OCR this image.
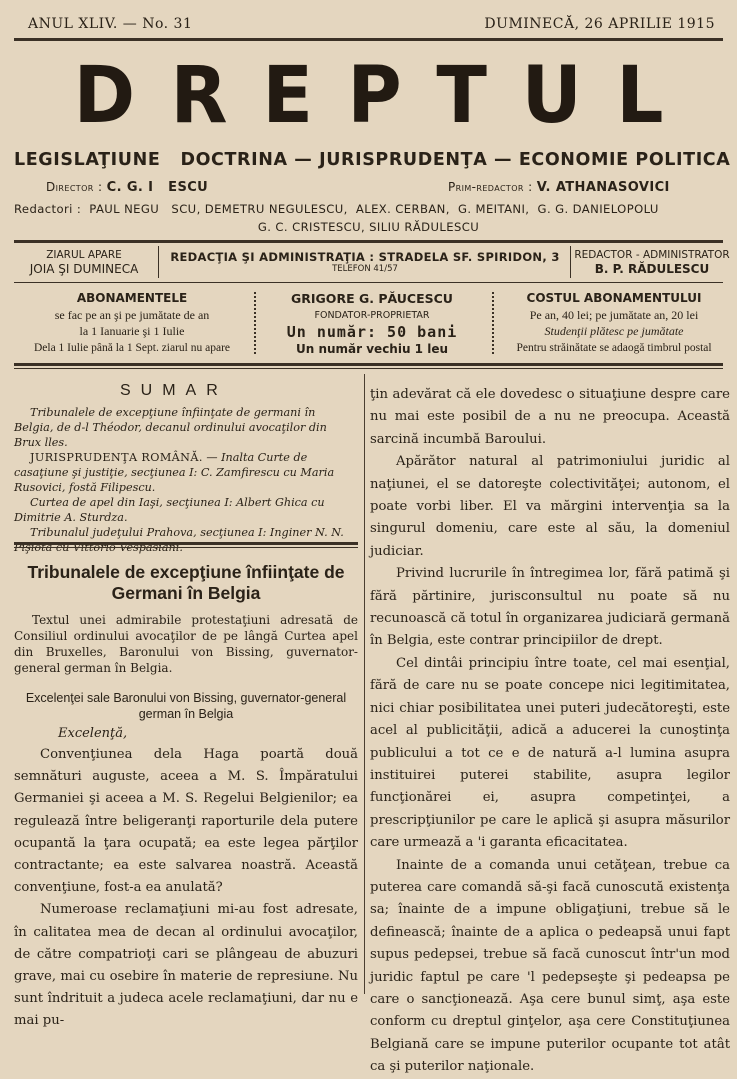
ANUL XLIV. — No. 31	DUMINECĂ, 26 APRILIE 1915
D R E P T U L
LEGISLAŢIUNE   DOCTRINA — JURISPRUDENŢA — ECONOMIE POLITICA
Director : C. G. I   ESCU	Prim-redactor : V. ATHANASOVICI
Redactori :  PAUL NEGU   SCU, DEMETRU NEGULESCU,  ALEX. CERBAN,  G. MEITANI,  G. G. DANIELOPOLU
G. C. CRISTESCU, SILIU RĂDULESCU
ZIARUL APARE
JOIA ŞI DUMINECA
REDACŢIA ŞI ADMINISTRAŢIA : STRADELA SF. SPIRIDON, 3
TELEFON 41/57
REDACTOR - ADMINISTRATOR
B. P. RĂDULESCU
ABONAMENTELE
se fac pe an şi pe jumătate de an
la 1 Ianuarie şi 1 Iulie
Dela 1 Iulie până la 1 Sept. ziarul nu apare
GRIGORE G. PĂUCESCU
FONDATOR-PROPRIETAR
Un număr: 50 bani
Un număr vechiu 1 leu
COSTUL ABONAMENTULUI
Pe an, 40 lei; pe jumătate an, 20 lei
Studenţii plătesc pe jumătate
Pentru străinătate se adaogă timbrul postal
SUMAR

Tribunalele de excepţiune înfiinţate de germani în Belgia, de d-l Théodor, decanul ordinului avocaţilor din Brux lles.

JURISPRUDENŢA ROMÂNĂ. — Inalta Curte de casaţiune şi justiţie, secţiunea I: C. Zamfirescu cu Maria Rusovici, fostă Filipescu.

Curtea de apel din Iaşi, secţiunea I: Albert Ghica cu Dimitrie A. Sturdza.

Tribunalul judeţului Prahova, secţiunea I: Inginer N. N. Pişiota cu Vittorio Vespasiani.

Tribunalele de excepţiune înfiinţate de Germani în Belgia

Textul unei admirabile protestaţiuni adresată de Consiliul ordinului avocaţilor de pe lângă Curtea apel din Bruxelles, Baronului von Bissing, guvernator-general german în Belgia.

Excelenţei sale Baronului von Bissing, guvernator-general german în Belgia
Excelenţă,

Convenţiunea dela Haga poartă două semnături auguste, aceea a M. S. Împăratului Germaniei şi aceea a M. S. Regelui Belgienilor; ea regulează între beligeranţi raporturile dela putere ocupantă la ţara ocupată; ea este legea părţilor contractante; ea este salvarea noastră. Această convenţiune, fost-a ea anulată?

Numeroase reclamaţiuni mi-au fost adresate, în calitatea mea de decan al ordinului avocaţilor, de către compatrioţi cari se plângeau de abuzuri grave, mai cu osebire în materie de represiune. Nu sunt îndrituit a judeca acele reclamaţiuni, dar nu e mai pu-

ţin adevărat că ele dovedesc o situaţiune despre care nu mai este posibil de a nu ne preocupa. Această sarcină incumbă Baroului.

Apărător natural al patrimoniului juridic al naţiunei, el se datoreşte colectivităţei; autonom, el poate vorbi liber. El va mărgini intervenţia sa la singurul domeniu, care este al său, la domeniul judiciar.

Privind lucrurile în întregimea lor, fără patimă şi fără părtinire, jurisconsultul nu poate să nu recunoască că totul în organizarea judiciară germană în Belgia, este contrar principiilor de drept.

Cel dintâi principiu între toate, cel mai esenţial, fără de care nu se poate concepe nici legitimitatea, nici chiar posibilitatea unei puteri judecătoreşti, este acel al publicităţii, adică a aducerei la cunoştinţa publicului a tot ce e de natură a-l lumina asupra instituirei puterei stabilite, asupra legilor funcţionărei ei, asupra competinţei, a prescripţiunilor pe care le aplică şi asupra măsurilor care urmează a 'i garanta eficacitatea.

Inainte de a comanda unui cetăţean, trebue ca puterea care comandă să-şi facă cunoscută existenţa sa; înainte de a impune obligaţiuni, trebue să le definească; înainte de a aplica o pedeapsă unui fapt supus pedepsei, trebue să facă cunoscut într'un mod juridic faptul pe care 'l pedepseşte şi pedeapsa pe care o sancţionează. Aşa cere bunul simţ, aşa este conform cu dreptul ginţelor, aşa cere Constituţiunea Belgiană care se impune puterilor ocupante tot atât ca şi puterilor naţionale.
